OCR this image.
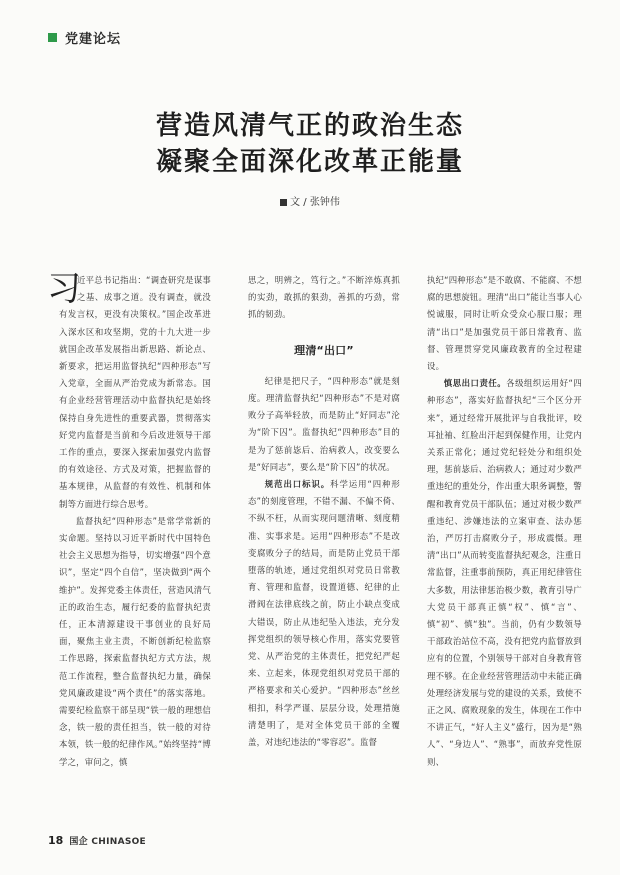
党建论坛
营造风清气正的政治生态
凝聚全面深化改革正能量
文 / 张钟伟

习
近平总书记指出：“调查研究是谋事之基、成事之道。没有调查，就没有发言权，更没有决策权。”国企改革进入深水区和攻坚期，党的十九大进一步就国企改革发展指出新思路、新论点、新要求，把运用监督执纪“四种形态”写入党章，全面从严治党成为新常态。国有企业经营管理活动中监督执纪是始终保持自身先进性的重要武器，贯彻落实好党内监督是当前和今后改进领导干部工作的重点，要深入探索加强党内监督的有效途径、方式及对策，把握监督的基本规律，从监督的有效性、机制和体制等方面进行综合思考。

监督执纪“四种形态”是常学常新的实命题。坚持以习近平新时代中国特色社会主义思想为指导，切实增强“四个意识”，坚定“四个自信”，坚决做到“两个维护”。发挥党委主体责任，营造风清气正的政治生态，履行纪委的监督执纪责任，正本清源建设干事创业的良好局面，聚焦主业主责，不断创新纪检监察工作思路，探索监督执纪方式方法，规范工作流程，整合监督执纪力量，确保党风廉政建设“两个责任”的落实落地。需要纪检监察干部呈现“铁一般的理想信念，铁一般的责任担当，铁一般的对待本领，铁一般的纪律作风。”始终坚持“博学之，审问之，慎

思之，明辨之，笃行之。”不断淬炼真抓的实劲，敢抓的狠劲，善抓的巧劲，常抓的韧劲。

理清“出口”

纪律是把尺子，“四种形态”就是刻度。理清监督执纪“四种形态”不是对腐败分子高举轻放，而是防止“好同志”沦为“阶下囚”。监督执纪“四种形态”目的是为了惩前毖后、治病救人，改变要么是“好同志”，要么是“阶下囚”的状况。

规范出口标识。科学运用“四种形态”的刻度管理，不错不漏、不偏不倚、不纵不枉，从而实现问题清晰、刻度精准、实事求是。运用“四种形态”不是改变腐败分子的结局，而是防止党员干部堕落的轨迹，通过党组织对党员日常教育、管理和监督，设置道德、纪律的止滑阀在法律底线之前，防止小缺点变成大错误，防止从违纪坠入违法，充分发挥党组织的领导核心作用，落实党要管党、从严治党的主体责任，把党纪严起来、立起来，体现党组织对党员干部的严格要求和关心爱护。“四种形态”丝丝相扣，科学严谨、层层分设，处理措施清楚明了，是对全体党员干部的全覆盖，对违纪违法的“零容忍”。监督

执纪“四种形态”是不敢腐、不能腐、不想腐的思想旋钮。理清“出口”能让当事人心悦诚服，同时让听众受众心服口服；理清“出口”是加强党员干部日常教育、监督、管理贯穿党风廉政教育的全过程建设。

慎思出口责任。各级组织运用好“四种形态”，落实好监督执纪“三个区分开来”，通过经常开展批评与自我批评，咬耳扯袖、红脸出汗起到保健作用，让党内关系正常化；通过党纪轻处分和组织处理，惩前毖后、治病救人；通过对少数严重违纪的重处分，作出重大职务调整，警醒和教育党员干部队伍；通过对极少数严重违纪、涉嫌违法的立案审查、法办惩治，严厉打击腐败分子，形成震慑。理清“出口”从而转变监督执纪观念，注重日常监督，注重事前预防，真正用纪律管住大多数，用法律惩治极少数，教育引导广大党员干部真正慎“权”、慎“言”、慎“初”、慎“独”。当前，仍有少数领导干部政治站位不高，没有把党内监督放到应有的位置，个别领导干部对自身教育管理不够。在企业经营管理活动中未能正确处理经济发展与党的建设的关系，致使不正之风、腐败现象的发生，体现在工作中不讲正气，“好人主义”盛行，因为是“熟人”、“身边人”、“熟事”，而放弃党性原则、

18 国企 CHINASOE
